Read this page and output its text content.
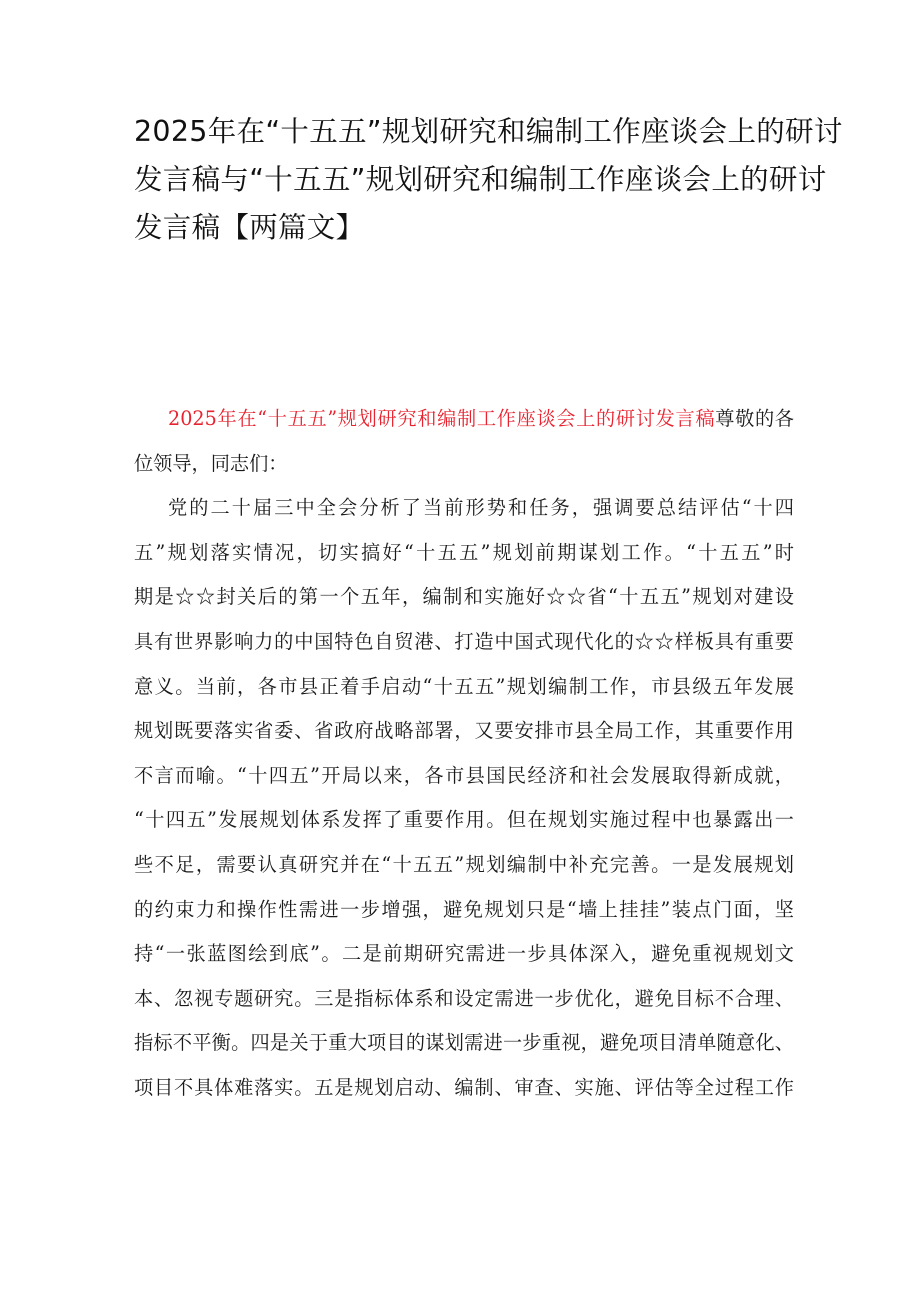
2025年在“十五五”规划研究和编制工作座谈会上的研讨
发言稿与“十五五”规划研究和编制工作座谈会上的研讨
发言稿【两篇文】
2025年在“十五五”规划研究和编制工作座谈会上的研讨发言稿尊敬的各
位领导，同志们：
党的二十届三中全会分析了当前形势和任务，强调要总结评估“十四
五”规划落实情况，切实搞好“十五五”规划前期谋划工作。“十五五”时
期是☆☆封关后的第一个五年，编制和实施好☆☆省“十五五”规划对建设
具有世界影响力的中国特色自贸港、打造中国式现代化的☆☆样板具有重要
意义。当前，各市县正着手启动“十五五”规划编制工作，市县级五年发展
规划既要落实省委、省政府战略部署，又要安排市县全局工作，其重要作用
不言而喻。“十四五”开局以来，各市县国民经济和社会发展取得新成就，
“十四五”发展规划体系发挥了重要作用。但在规划实施过程中也暴露出一
些不足，需要认真研究并在“十五五”规划编制中补充完善。一是发展规划
的约束力和操作性需进一步增强，避免规划只是“墙上挂挂”装点门面，坚
持“一张蓝图绘到底”。二是前期研究需进一步具体深入，避免重视规划文
本、忽视专题研究。三是指标体系和设定需进一步优化，避免目标不合理、
指标不平衡。四是关于重大项目的谋划需进一步重视，避免项目清单随意化、
项目不具体难落实。五是规划启动、编制、审查、实施、评估等全过程工作
